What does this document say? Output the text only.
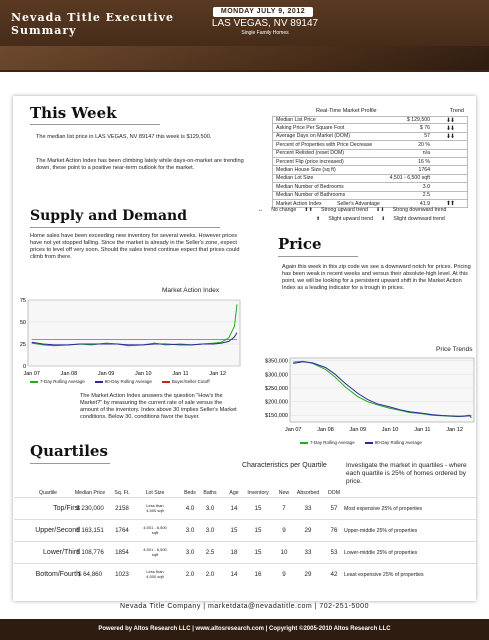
Nevada Title Executive
Summary
MONDAY JULY 9, 2012
LAS VEGAS, NV 89147
Single Family Homes
This Week
The median list price in LAS VEGAS, NV 89147 this week is $129,500.
The Market Action Index has been climbing lately while days-on-market are trending down, these point to a positive near-term outlook for the market.
Real-Time Market Profile	Trend
Median List Price	$ 129,500	⬇⬇
Asking Price Per Square Foot	$ 76	⬇⬇
Average Days on Market (DOM)	57	⬇⬇
Percent of Properties with Price Decrease	20 %
Percent Relisted (reset DOM)	n/a
Percent Flip (price increased)	16 %
Median House Size (sq ft)	1764
Median Lot Size	4,501 - 6,500 sqft
Median Number of Bedrooms	3.0
Median Number of Bathrooms	2.5
Market Action Index	Seller's Advantage	41.9	⬆⬆
↔ No change ⬆⬆ Strong upward trend ⬇⬇ Strong downward trend
⬆ Slight upward trend ⬇ Slight downward trend
Supply and Demand
Home sales have been exceeding new inventory for several weeks. However prices have not yet stopped falling. Since the market is already in the Seller's zone, expect prices to level off very soon. Should the sales trend continue expect that prices could climb from there.
Market Action Index
75
50
25
0
Jan 07	Jan 08	Jan 09	Jan 10	Jan 11	Jan 12
7-Day Rolling Average	90-Day Rolling Average	Buyer/Seller Cutoff
The Market Action Index answers the question "How's the Market?" by measuring the current rate of sale versus the amount of the inventory. Index above 30 implies Seller's Market conditions. Below 30, conditions favor the buyer.
Price
Again this week in this zip code we see a downward notch for prices. Pricing has been weak in recent weeks and versus their absolute-high level. At this point, we will be looking for a persistent upward shift in the Market Action Index as a leading indicator for a trough in prices.
Price Trends
$350,000
$300,000
$250,000
$200,000
$150,000
Jan 07	Jan 08	Jan 09	Jan 10	Jan 11	Jan 12
7-Day Rolling Average	90-Day Rolling Average
Quartiles
Characteristics per Quartile	Investigate the market in quartiles - where each quartile is 25% of homes ordered by price.
Quartile	Median Price	Sq. Ft.	Lot Size	Beds	Baths	Age	Inventory	New	Absorbed	DOM
Top/First
$ 230,000	2158	Less than 4,500 sqft	4.0	3.0	14	15	7	33	57	Most expensive 25% of properties
Upper/Second
$ 163,151	1764	4,501 - 6,500 sqft	3.0	3.0	15	15	9	29	76	Upper-middle 25% of properties
Lower/Third
$ 108,776	1854	4,501 - 6,500 sqft	3.0	2.5	18	15	10	33	53	Lower-middle 25% of properties
Bottom/Fourth
$ 64,860	1023	Less than 4,500 sqft	2.0	2.0	14	16	9	29	42	Least expensive 25% of properties
Nevada Title Company | marketdata@nevadatitle.com | 702-251-5000
Powered by Altos Research LLC | www.altosresearch.com | Copyright ©2005-2010 Altos Research LLC
